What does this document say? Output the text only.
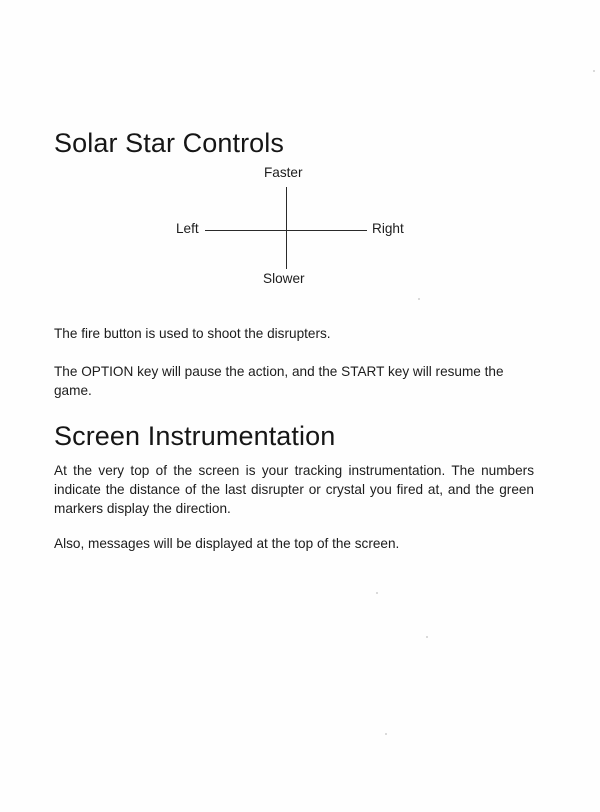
Solar Star Controls
Faster
Left	Right
Slower

The fire button is used to shoot the disrupters.

The OPTION key will pause the action, and the START key will resume the game.

Screen Instrumentation

At the very top of the screen is your tracking instrumentation. The numbers indicate the distance of the last disrupter or crystal you fired at, and the green markers display the direction.

Also, messages will be displayed at the top of the screen.
